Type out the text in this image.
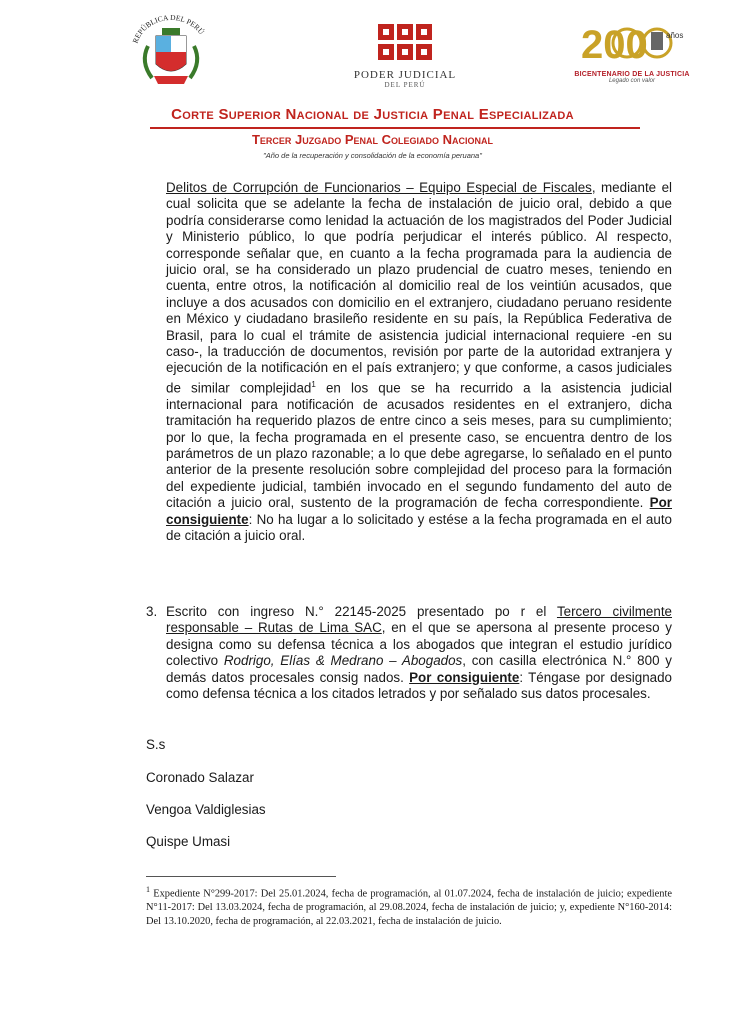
REPÚBLICA DEL PERÚ
PODER JUDICIAL
DEL PERÚ
200 años
BICENTENARIO DE LA JUSTICIA
Legado con valor
Corte Superior Nacional de Justicia Penal Especializada
Tercer Juzgado Penal Colegiado Nacional
"Año de la recuperación y consolidación de la economía peruana"
Delitos de Corrupción de Funcionarios – Equipo Especial de Fiscales, mediante el cual solicita que se adelante la fecha de instalación de juicio oral, debido a que podría considerarse como lenidad la actuación de los magistrados del Poder Judicial y Ministerio público, lo que podría perjudicar el interés público. Al respecto, corresponde señalar que, en cuanto a la fecha programada para la audiencia de juicio oral, se ha considerado un plazo prudencial de cuatro meses, teniendo en cuenta, entre otros, la notificación al domicilio real de los veintiún acusados, que incluye a dos acusados con domicilio en el extranjero, ciudadano peruano residente en México y ciudadano brasileño residente en su país, la República Federativa de Brasil, para lo cual el trámite de asistencia judicial internacional requiere -en su caso-, la traducción de documentos, revisión por parte de la autoridad extranjera y ejecución de la notificación en el país extranjero; y que conforme, a casos judiciales de similar complejidad$^1$ en los que se ha recurrido a la asistencia judicial internacional para notificación de acusados residentes en el extranjero, dicha tramitación ha requerido plazos de entre cinco a seis meses, para su cumplimiento; por lo que, la fecha programada en el presente caso, se encuentra dentro de los parámetros de un plazo razonable; a lo que debe agregarse, lo señalado en el punto anterior de la presente resolución sobre complejidad del proceso para la formación del expediente judicial, también invocado en el segundo fundamento del auto de citación a juicio oral, sustento de la programación de fecha correspondiente. Por consiguiente: No ha lugar a lo solicitado y estése a la fecha programada en el auto de citación a juicio oral.
3. Escrito con ingreso N.° 22145-2025 presentado po r el Tercero civilmente responsable – Rutas de Lima SAC, en el que se apersona al presente proceso y designa como su defensa técnica a los abogados que integran el estudio jurídico colectivo Rodrigo, Elías & Medrano – Abogados, con casilla electrónica N.° 800 y demás datos procesales consig nados. Por consiguiente: Téngase por designado como defensa técnica a los citados letrados y por señalado sus datos procesales.
S.s
Coronado Salazar
Vengoa Valdiglesias
Quispe Umasi
$^1$ Expediente N°299-2017: Del 25.01.2024, fecha de programación, al 01.07.2024, fecha de instalación de juicio; expediente N°11-2017: Del 13.03.2024, fecha de programación, al 29.08.2024, fecha de instalación de juicio; y, expediente N°160-2014: Del 13.10.2020, fecha de programación, al 22.03.2021, fecha de instalación de juicio.
